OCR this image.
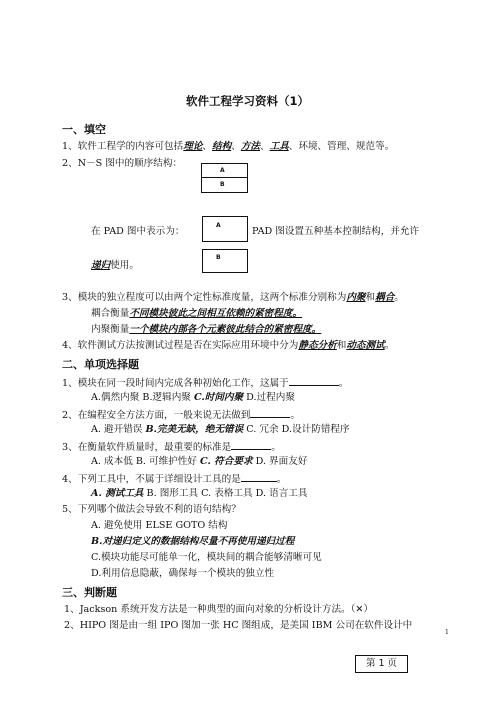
软件工程学习资料（1）
一、填空
1、软件工程学的内容可包括理论、结构、方法、工具、环境、管理、规范等。
2、N－S 图中的顺序结构：
A
B
在 PAD 图中表示为：	PAD 图设置五种基本控制结构，并允许
A
B
递归使用。
3、模块的独立程度可以由两个定性标准度量，这两个标准分别称为内聚和耦合。
耦合衡量不同模块彼此之间相互依赖的紧密程度。
内聚衡量一个模块内部各个元素彼此结合的紧密程度。
4、软件测试方法按测试过程是否在实际应用环境中分为静态分析和动态测试。
二、单项选择题
1、模块在同一段时间内完成各种初始化工作，这属于	。
A.偶然内聚 B.逻辑内聚 C.时间内聚 D.过程内聚
2、在编程安全方法方面，一般来说无法做到	。
A. 避开错误 B.完美无缺，绝无错误 C. 冗余 D.设计防错程序
3、在衡量软件质量时，最重要的标准是	。
A. 成本低 B. 可维护性好 C. 符合要求 D. 界面友好
4、下列工具中，不属于详细设计工具的是	。
A. 测试工具 B. 图形工具 C. 表格工具 D. 语言工具
5、下列哪个做法会导致不利的语句结构？
A. 避免使用 ELSE GOTO 结构
B.对递归定义的数据结构尽量不再使用递归过程
C.模块功能尽可能单一化，模块间的耦合能够清晰可见
D.利用信息隐蔽，确保每一个模块的独立性
三、判断题
1、Jackson 系统开发方法是一种典型的面向对象的分析设计方法。（✕）
2、HIPO 图是由一组 IPO 图加一张 HC 图组成，是美国 IBM 公司在软件设计中
1
第 1 页
